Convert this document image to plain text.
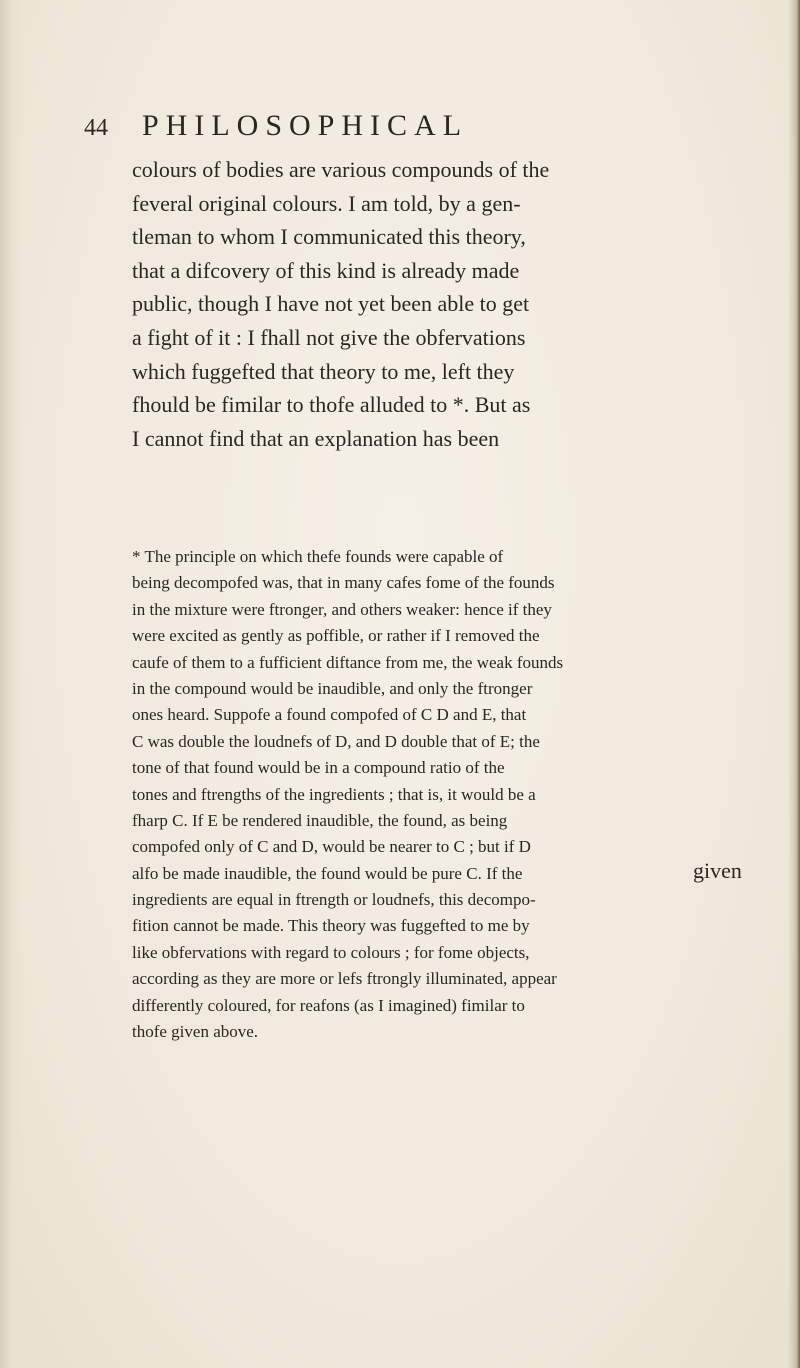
44 PHILOSOPHICAL
colours of bodies are various compounds of the
feveral original colours. I am told, by a gen-
tleman to whom I communicated this theory,
that a difcovery of this kind is already made
public, though I have not yet been able to get
a fight of it : I fhall not give the obfervations
which fuggefted that theory to me, left they
fhould be fimilar to thofe alluded to *. But as
I cannot find that an explanation has been
* The principle on which thefe founds were capable of
being decompofed was, that in many cafes fome of the founds
in the mixture were ftronger, and others weaker: hence if they
were excited as gently as poffible, or rather if I removed the
caufe of them to a fufficient diftance from me, the weak founds
in the compound would be inaudible, and only the ftronger
ones heard. Suppofe a found compofed of C D and E, that
C was double the loudnefs of D, and D double that of E; the
tone of that found would be in a compound ratio of the
tones and ftrengths of the ingredients ; that is, it would be a
fharp C. If E be rendered inaudible, the found, as being
compofed only of C and D, would be nearer to C ; but if D
alfo be made inaudible, the found would be pure C. If the
ingredients are equal in ftrength or loudnefs, this decompo-
fition cannot be made. This theory was fuggefted to me by
like obfervations with regard to colours ; for fome objects,
according as they are more or lefs ftrongly illuminated, appear
differently coloured, for reafons (as I imagined) fimilar to
thofe given above.
given
